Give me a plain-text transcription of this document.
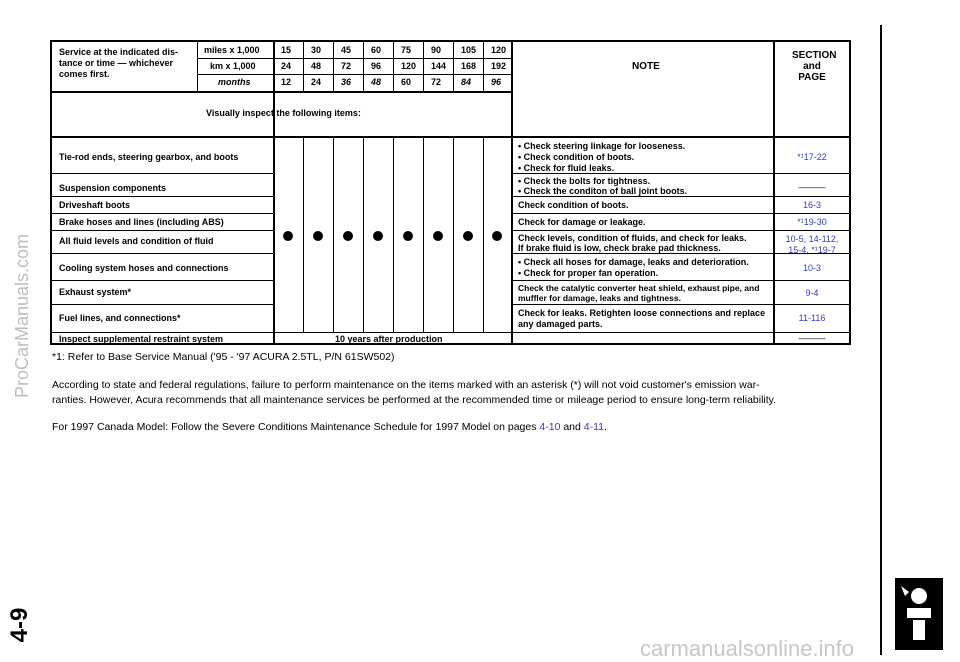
ProCarManuals.com
4-9
Service at the indicated dis-
tance or time — whichever
comes first.
miles x 1,000
km x 1,000
months
15 30 45 60 75 90 105 120
24 48 72 96 120 144 168 192
12 24 36 48 60 72 84 96
NOTE
SECTION
and
PAGE
Visually inspect the following items:
Tie-rod ends, steering gearbox, and boots
Suspension components
Driveshaft boots
Brake hoses and lines (including ABS)
All fluid levels and condition of fluid
Cooling system hoses and connections
Exhaust system*
Fuel lines, and connections*
Inspect supplemental restraint system	10 years after production
• Check steering linkage for looseness.
• Check condition of boots.
• Check for fluid leaks.
• Check the bolts for tightness.
• Check the conditon of ball joint boots.
Check condition of boots.
Check for damage or leakage.
Check levels, condition of fluids, and check for leaks.
If brake fluid is low, check brake pad thickness.
• Check all hoses for damage, leaks and deterioration.
• Check for proper fan operation.
Check the catalytic converter heat shield, exhaust pipe, and
muffler for damage, leaks and tightness.
Check for leaks. Retighten loose connections and replace
any damaged parts.
*¹17-22
———
16-3
*¹19-30
10-5, 14-112,
15-4, *¹19-7
10-3
9-4
11-116
———
*1: Refer to Base Service Manual ('95 - '97 ACURA 2.5TL, P/N 61SW502)
According to state and federal regulations, failure to perform maintenance on the items marked with an asterisk (*) will not void customer's emission war-
ranties. However, Acura recommends that all maintenance services be performed at the recommended time or mileage period to ensure long-term reliability.
For 1997 Canada Model: Follow the Severe Conditions Maintenance Schedule for 1997 Model on pages 4-10 and 4-11.
carmanualsonline.info
